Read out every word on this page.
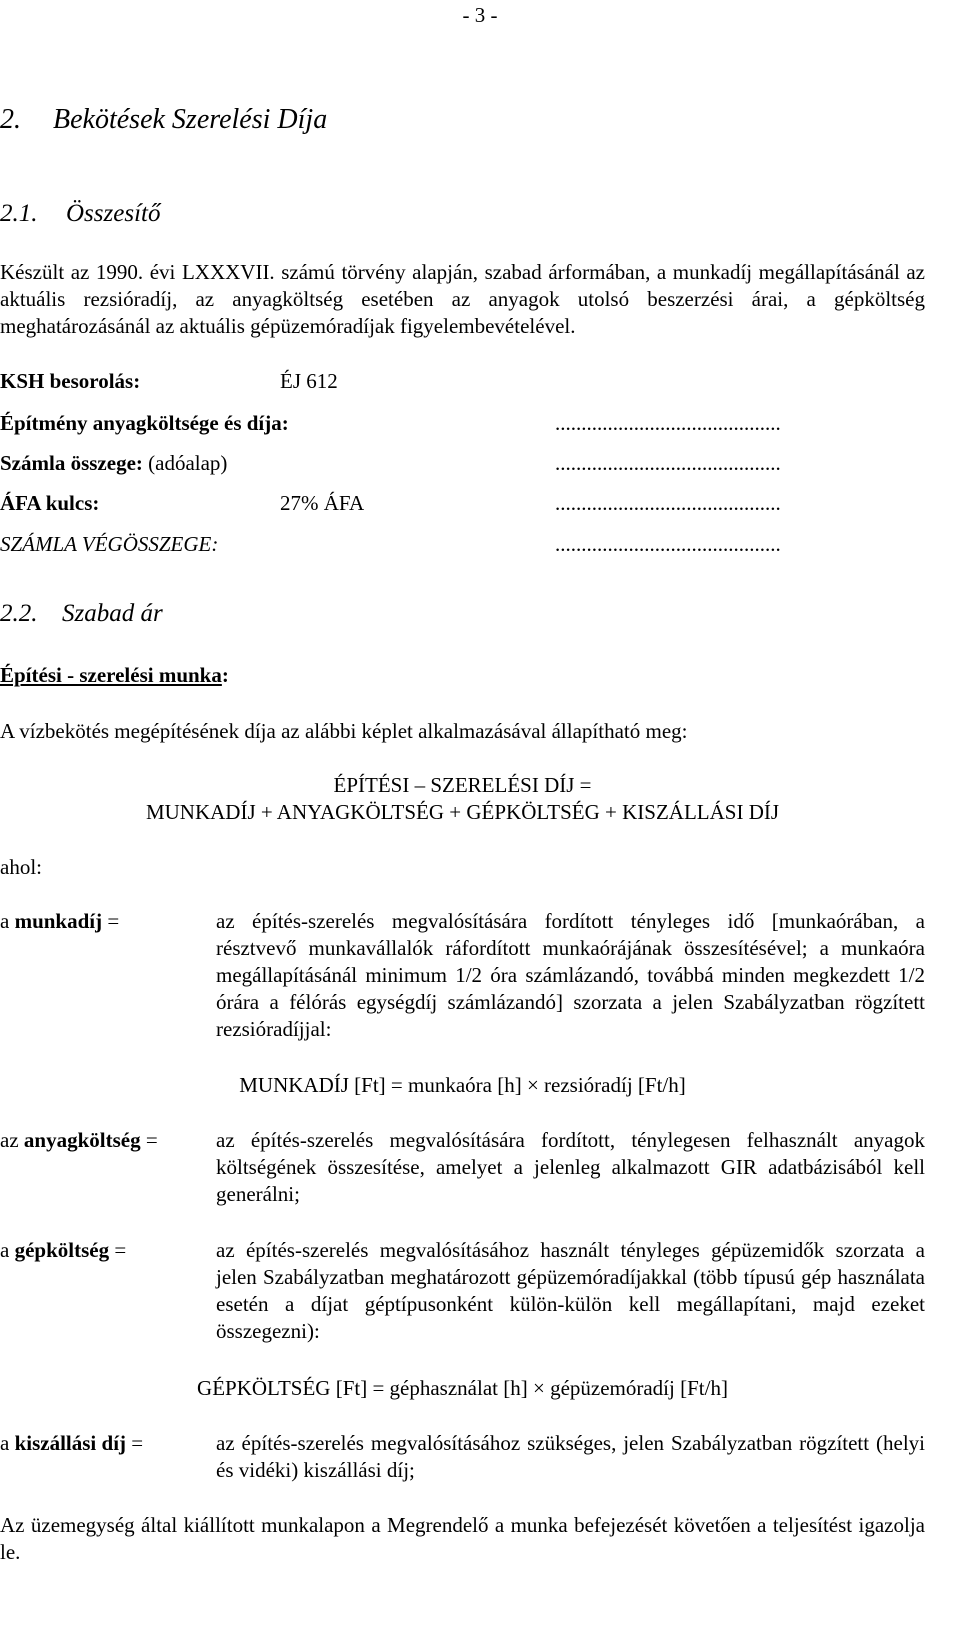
- 3 -
2. Bekötések Szerelési Díja
2.1. Összesítő
Készült az 1990. évi LXXXVII. számú törvény alapján, szabad árformában, a munkadíj megállapításánál az aktuális rezsióradíj, az anyagköltség esetében az anyagok utolsó beszerzési árai, a gépköltség meghatározásánál az aktuális gépüzemóradíjak figyelembevételével.
KSH besorolás:	ÉJ 612
Építmény anyagköltsége és díja:	...........................................
Számla összege: (adóalap)	...........................................
ÁFA kulcs:	27% ÁFA	...........................................
SZÁMLA VÉGÖSSZEGE:	...........................................
2.2. Szabad ár
Építési - szerelési munka:
A vízbekötés megépítésének díja az alábbi képlet alkalmazásával állapítható meg:
ÉPÍTÉSI – SZERELÉSI DÍJ =
MUNKADÍJ + ANYAGKÖLTSÉG + GÉPKÖLTSÉG + KISZÁLLÁSI DÍJ
ahol:
a munkadíj =	az építés-szerelés megvalósítására fordított tényleges idő [munkaórában, a résztvevő munkavállalók ráfordított munkaórájának összesítésével; a munkaóra megállapításánál minimum 1/2 óra számlázandó, továbbá minden megkezdett 1/2 órára a félórás egységdíj számlázandó] szorzata a jelen Szabályzatban rögzített rezsióradíjjal:
MUNKADÍJ [Ft] = munkaóra [h] × rezsióradíj [Ft/h]
az anyagköltség =	az építés-szerelés megvalósítására fordított, ténylegesen felhasznált anyagok költségének összesítése, amelyet a jelenleg alkalmazott GIR adatbázisából kell generálni;
a gépköltség =	az építés-szerelés megvalósításához használt tényleges gépüzemidők szorzata a jelen Szabályzatban meghatározott gépüzemóradíjakkal (több típusú gép használata esetén a díjat géptípusonként külön-külön kell megállapítani, majd ezeket összegezni):
GÉPKÖLTSÉG [Ft] = géphasználat [h] × gépüzemóradíj [Ft/h]
a kiszállási díj =	az építés-szerelés megvalósításához szükséges, jelen Szabályzatban rögzített (helyi és vidéki) kiszállási díj;
Az üzemegység által kiállított munkalapon a Megrendelő a munka befejezését követően a teljesítést igazolja le.
